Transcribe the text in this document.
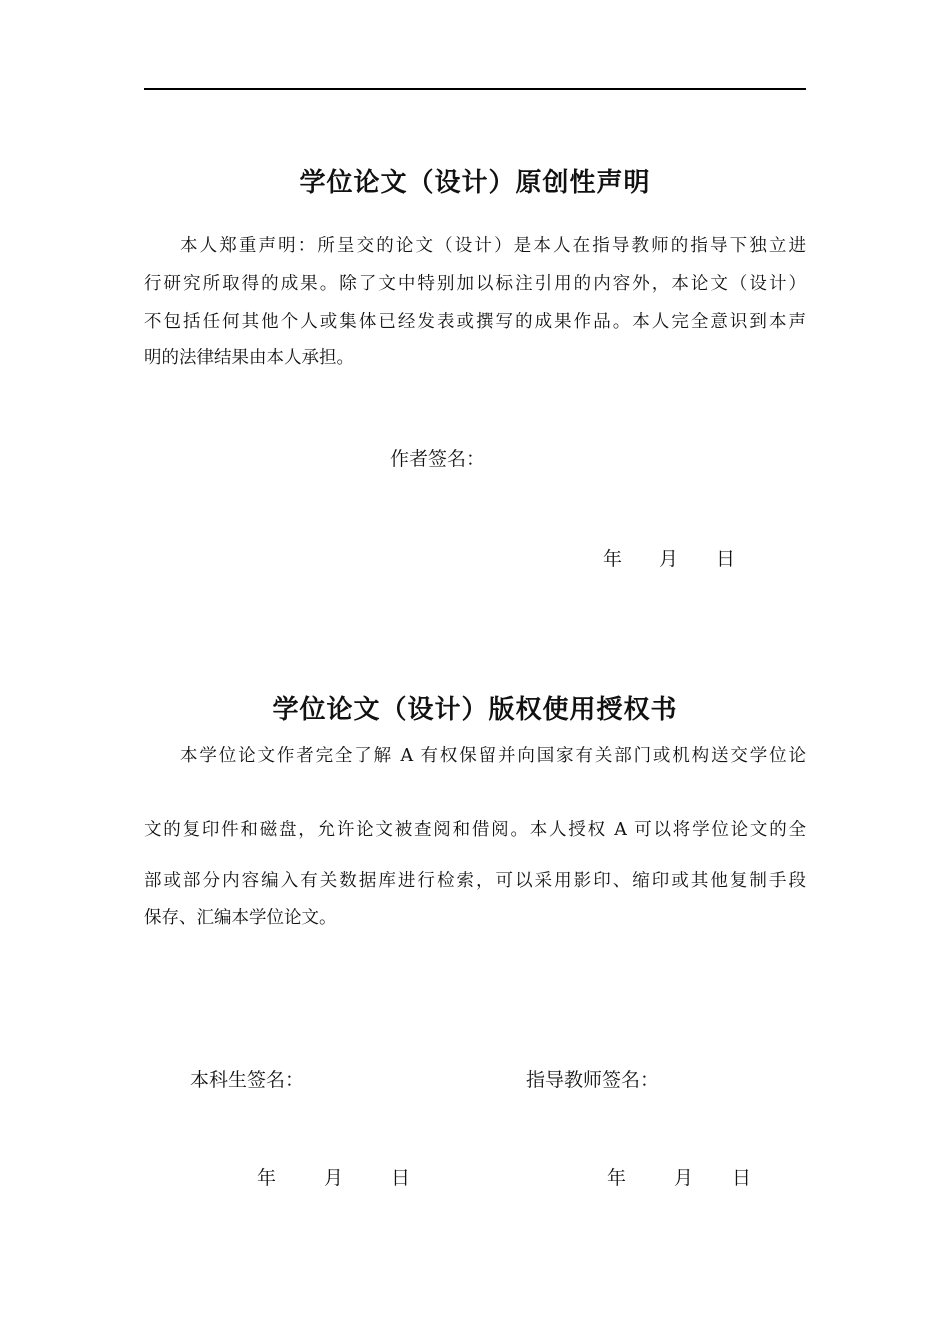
学位论文（设计）原创性声明
本人郑重声明：所呈交的论文（设计）是本人在指导教师的指导下独立进
行研究所取得的成果。除了文中特别加以标注引用的内容外，本论文（设计）
不包括任何其他个人或集体已经发表或撰写的成果作品。本人完全意识到本声
明的法律结果由本人承担。
作者签名：
年 月 日
学位论文（设计）版权使用授权书
本学位论文作者完全了解 A 有权保留并向国家有关部门或机构送交学位论
文的复印件和磁盘，允许论文被查阅和借阅。本人授权 A 可以将学位论文的全
部或部分内容编入有关数据库进行检索，可以采用影印、缩印或其他复制手段
保存、汇编本学位论文。
本科生签名：	指导教师签名：
年	月	日	年	月 日
